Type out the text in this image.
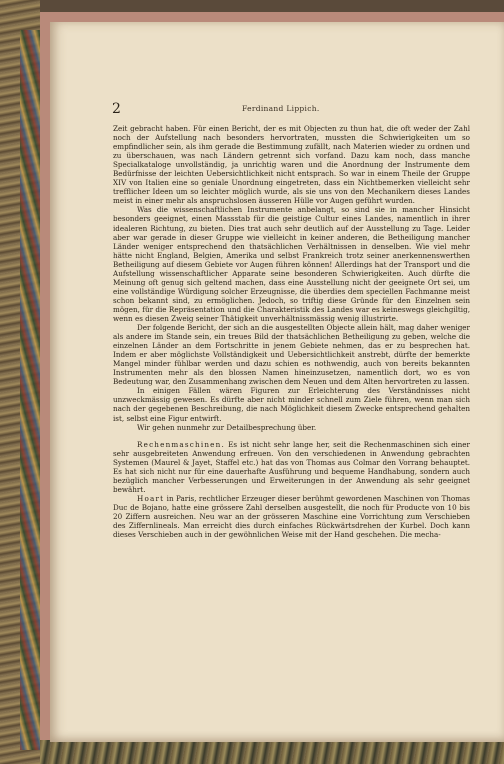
2	Ferdinand Lippich.

Zeit gebracht haben. Für einen Bericht, der es mit Objecten zu thun hat, die oft weder der Zahl noch der Aufstellung nach besonders hervortraten, mussten die Schwierigkeiten um so empfindlicher sein, als ihm gerade die Bestimmung zufällt, nach Materien wieder zu ordnen und zu überschauen, was nach Ländern getrennt sich vorfand. Dazu kam noch, dass manche Specialkataloge unvollständig, ja unrichtig waren und die Anordnung der Instrumente dem Bedürfnisse der leichten Uebersichtlichkeit nicht entsprach. So war in einem Theile der Gruppe XIV von Italien eine so geniale Unordnung eingetreten, dass ein Nichtbemerken vielleicht sehr trefflicher Ideen um so leichter möglich wurde, als sie uns von den Mechanikern dieses Landes meist in einer mehr als anspruchslosen äusseren Hülle vor Augen geführt wurden.

Was die wissenschaftlichen Instrumente anbelangt, so sind sie in mancher Hinsicht besonders geeignet, einen Massstab für die geistige Cultur eines Landes, namentlich in ihrer idealeren Richtung, zu bieten. Dies trat auch sehr deutlich auf der Ausstellung zu Tage. Leider aber war gerade in dieser Gruppe wie vielleicht in keiner anderen, die Betheiligung mancher Länder weniger entsprechend den thatsächlichen Verhältnissen in denselben. Wie viel mehr hätte nicht England, Belgien, Amerika und selbst Frankreich trotz seiner anerkennenswerthen Betheiligung auf diesem Gebiete vor Augen führen können! Allerdings hat der Transport und die Aufstellung wissenschaftlicher Apparate seine besonderen Schwierigkeiten. Auch dürfte die Meinung oft genug sich geltend machen, dass eine Ausstellung nicht der geeignete Ort sei, um eine vollständige Würdigung solcher Erzeugnisse, die überdies dem speciellen Fachmanne meist schon bekannt sind, zu ermöglichen. Jedoch, so triftig diese Gründe für den Einzelnen sein mögen, für die Repräsentation und die Charakteristik des Landes war es keineswegs gleichgiltig, wenn es diesen Zweig seiner Thätigkeit unverhältnissmässig wenig illustrirte.

Der folgende Bericht, der sich an die ausgestellten Objecte allein hält, mag daher weniger als andere im Stande sein, ein treues Bild der thatsächlichen Betheiligung zu geben, welche die einzelnen Länder an dem Fortschritte in jenem Gebiete nehmen, das er zu besprechen hat. Indem er aber möglichste Vollständigkeit und Uebersichtlichkeit anstrebt, dürfte der bemerkte Mangel minder fühlbar werden und dazu schien es nothwendig, auch von bereits bekannten Instrumenten mehr als den blossen Namen hineinzusetzen, namentlich dort, wo es von Bedeutung war, den Zusammenhang zwischen dem Neuen und dem Alten hervortreten zu lassen.

In einigen Fällen wären Figuren zur Erleichterung des Verständnisses nicht unzweckmässig gewesen. Es dürfte aber nicht minder schnell zum Ziele führen, wenn man sich nach der gegebenen Beschreibung, die nach Möglichkeit diesem Zwecke entsprechend gehalten ist, selbst eine Figur entwirft.

Wir gehen nunmehr zur Detailbesprechung über.

Rechenmaschinen. Es ist nicht sehr lange her, seit die Rechenmaschinen sich einer sehr ausgebreiteten Anwendung erfreuen. Von den verschiedenen in Anwendung gebrachten Systemen (Maurel & Jayet, Staffel etc.) hat das von Thomas aus Colmar den Vorrang behauptet. Es hat sich nicht nur für eine dauerhafte Ausführung und bequeme Handhabung, sondern auch bezüglich mancher Verbesserungen und Erweiterungen in der Anwendung als sehr geeignet bewährt.

Hoart in Paris, rechtlicher Erzeuger dieser berühmt gewordenen Maschinen von Thomas Duc de Bojano, hatte eine grössere Zahl derselben ausgestellt, die noch für Producte von 10 bis 20 Ziffern ausreichen. Neu war an der grösseren Maschine eine Vorrichtung zum Verschieben des Ziffernlineals. Man erreicht dies durch einfaches Rückwärtsdrehen der Kurbel. Doch kann dieses Verschieben auch in der gewöhnlichen Weise mit der Hand geschehen. Die mecha-
